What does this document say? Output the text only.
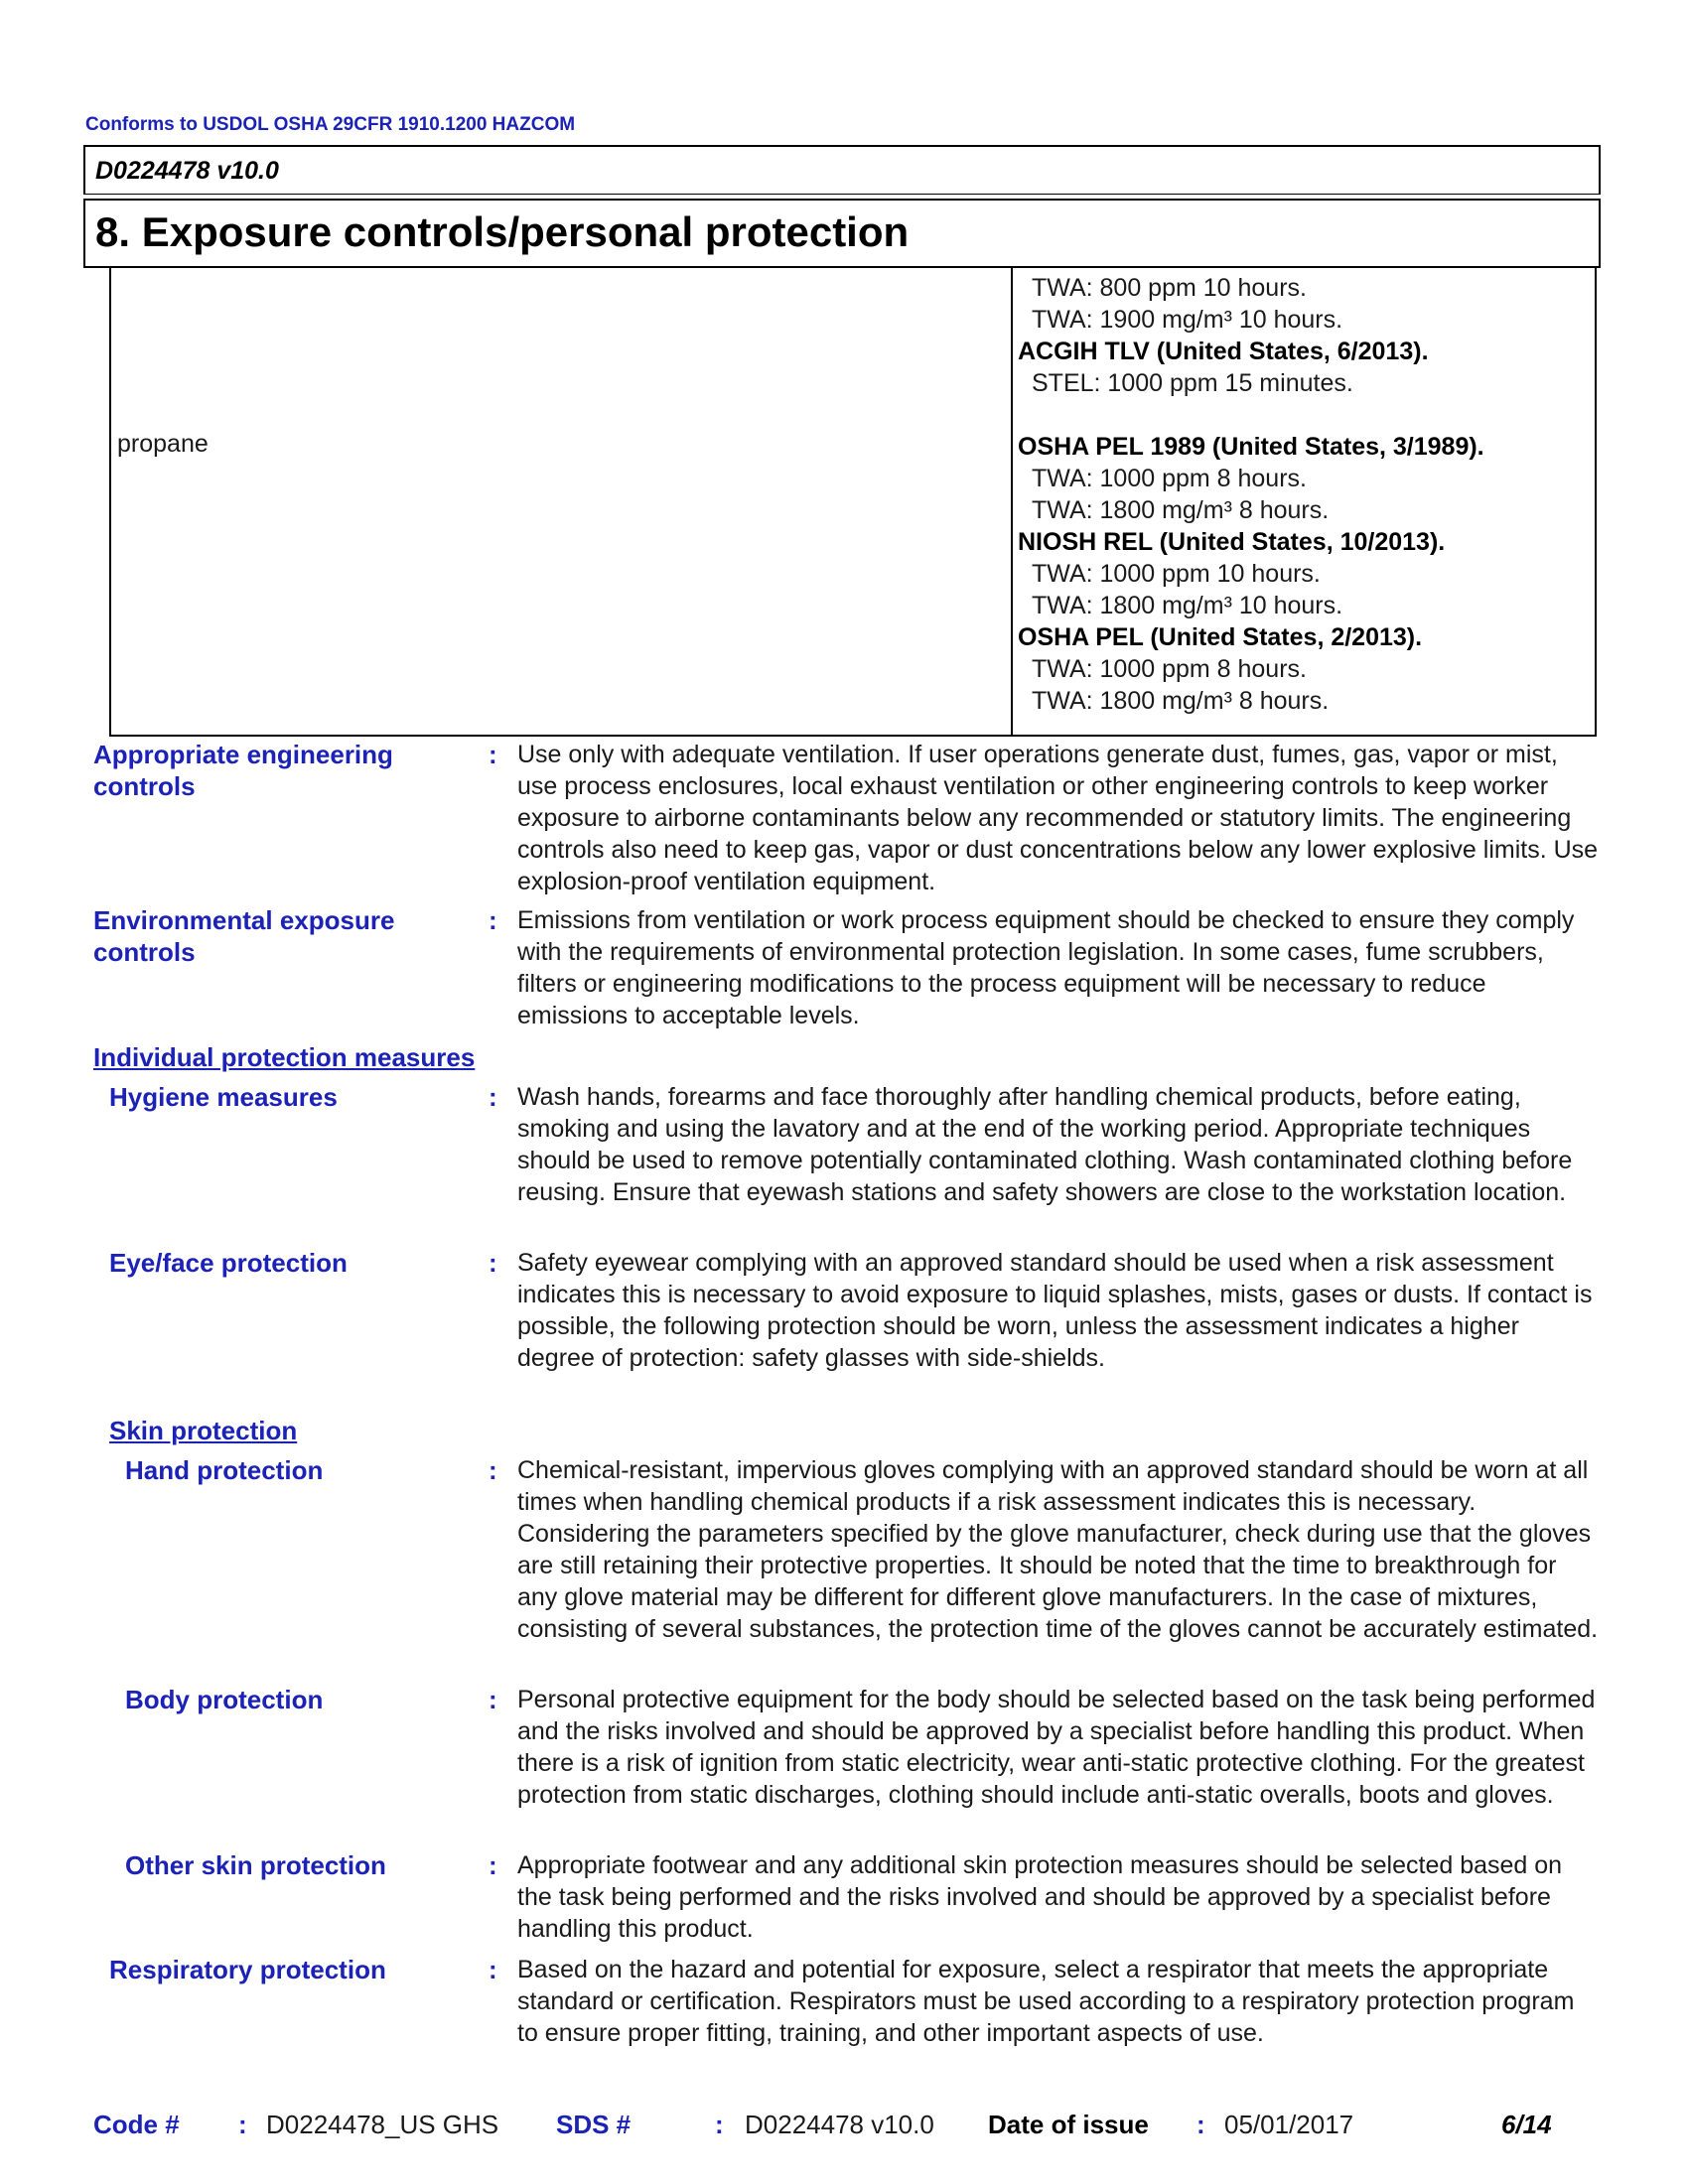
Conforms to USDOL OSHA 29CFR 1910.1200 HAZCOM
D0224478 v10.0
8. Exposure controls/personal protection
propane
TWA: 800 ppm 10 hours.
TWA: 1900 mg/m³ 10 hours.
ACGIH TLV (United States, 6/2013).
STEL: 1000 ppm 15 minutes.
OSHA PEL 1989 (United States, 3/1989).
TWA: 1000 ppm 8 hours.
TWA: 1800 mg/m³ 8 hours.
NIOSH REL (United States, 10/2013).
TWA: 1000 ppm 10 hours.
TWA: 1800 mg/m³ 10 hours.
OSHA PEL (United States, 2/2013).
TWA: 1000 ppm 8 hours.
TWA: 1800 mg/m³ 8 hours.
Appropriate engineering
controls
: Use only with adequate ventilation. If user operations generate dust, fumes, gas, vapor or mist, use process enclosures, local exhaust ventilation or other engineering controls to keep worker exposure to airborne contaminants below any recommended or statutory limits. The engineering controls also need to keep gas, vapor or dust concentrations below any lower explosive limits. Use explosion-proof ventilation equipment.
Environmental exposure
controls
: Emissions from ventilation or work process equipment should be checked to ensure they comply with the requirements of environmental protection legislation. In some cases, fume scrubbers, filters or engineering modifications to the process equipment will be necessary to reduce emissions to acceptable levels.
Individual protection measures
Hygiene measures	: Wash hands, forearms and face thoroughly after handling chemical products, before eating, smoking and using the lavatory and at the end of the working period. Appropriate techniques should be used to remove potentially contaminated clothing. Wash contaminated clothing before reusing. Ensure that eyewash stations and safety showers are close to the workstation location.
Eye/face protection	: Safety eyewear complying with an approved standard should be used when a risk assessment indicates this is necessary to avoid exposure to liquid splashes, mists, gases or dusts. If contact is possible, the following protection should be worn, unless the assessment indicates a higher degree of protection: safety glasses with side-shields.
Skin protection
Hand protection	: Chemical-resistant, impervious gloves complying with an approved standard should be worn at all times when handling chemical products if a risk assessment indicates this is necessary. Considering the parameters specified by the glove manufacturer, check during use that the gloves are still retaining their protective properties. It should be noted that the time to breakthrough for any glove material may be different for different glove manufacturers. In the case of mixtures, consisting of several substances, the protection time of the gloves cannot be accurately estimated.
Body protection	: Personal protective equipment for the body should be selected based on the task being performed and the risks involved and should be approved by a specialist before handling this product. When there is a risk of ignition from static electricity, wear anti-static protective clothing. For the greatest protection from static discharges, clothing should include anti-static overalls, boots and gloves.
Other skin protection	: Appropriate footwear and any additional skin protection measures should be selected based on the task being performed and the risks involved and should be approved by a specialist before handling this product.
Respiratory protection	: Based on the hazard and potential for exposure, select a respirator that meets the appropriate standard or certification. Respirators must be used according to a respiratory protection program to ensure proper fitting, training, and other important aspects of use.
Code # : D0224478_US GHS SDS #	: D0224478 v10.0 Date of issue : 05/01/2017	6/14
